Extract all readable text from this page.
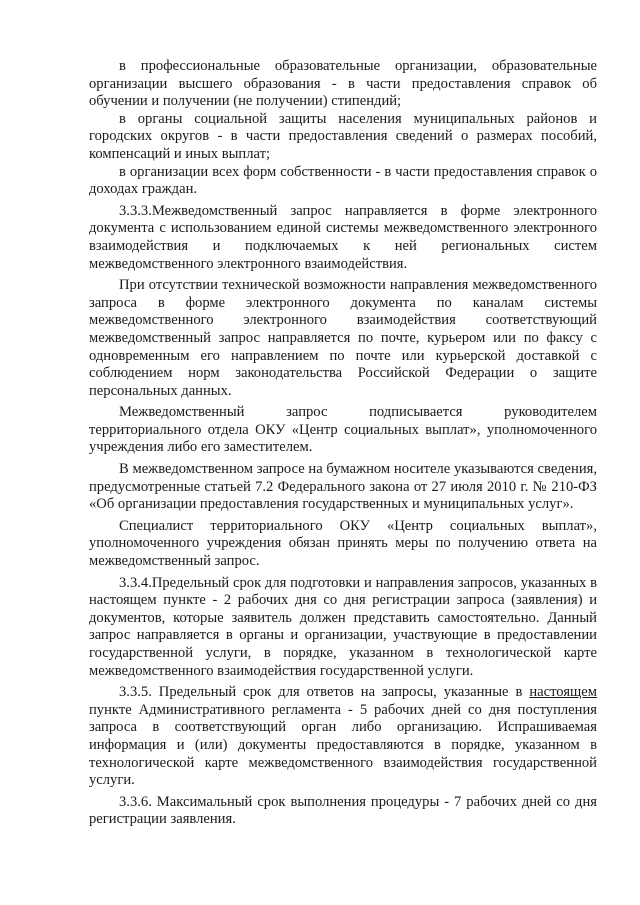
в профессиональные образовательные организации, образовательные организации высшего образования - в части предоставления справок об обучении и получении (не получении) стипендий;

в органы социальной защиты населения муниципальных районов и городских округов - в части предоставления сведений о размерах пособий, компенсаций и иных выплат;

в организации всех форм собственности - в части предоставления справок о доходах граждан.

3.3.3.Межведомственный запрос направляется в форме электронного документа с использованием единой системы межведомственного электронного взаимодействия и подключаемых к ней региональных систем межведомственного электронного взаимодействия.

При отсутствии технической возможности направления межведомственного запроса в форме электронного документа по каналам системы межведомственного электронного взаимодействия соответствующий межведомственный запрос направляется по почте, курьером или по факсу с одновременным его направлением по почте или курьерской доставкой с соблюдением норм законодательства Российской Федерации о защите персональных данных.

Межведомственный запрос подписывается руководителем территориального отдела ОКУ «Центр социальных выплат», уполномоченного учреждения либо его заместителем.

В межведомственном запросе на бумажном носителе указываются сведения, предусмотренные статьей 7.2 Федерального закона от 27 июля 2010 г. № 210-ФЗ «Об организации предоставления государственных и муниципальных услуг».

Специалист территориального ОКУ «Центр социальных выплат», уполномоченного учреждения обязан принять меры по получению ответа на межведомственный запрос.

3.3.4.Предельный срок для подготовки и направления запросов, указанных в настоящем пункте - 2 рабочих дня со дня регистрации запроса (заявления) и документов, которые заявитель должен представить самостоятельно. Данный запрос направляется в органы и организации, участвующие в предоставлении государственной услуги, в порядке, указанном в технологической карте межведомственного взаимодействия государственной услуги.

3.3.5. Предельный срок для ответов на запросы, указанные в настоящем пункте Административного регламента - 5 рабочих дней со дня поступления запроса в соответствующий орган либо организацию. Испрашиваемая информация и (или) документы предоставляются в порядке, указанном в технологической карте межведомственного взаимодействия государственной услуги.

3.3.6. Максимальный срок выполнения процедуры - 7 рабочих дней со дня регистрации заявления.
